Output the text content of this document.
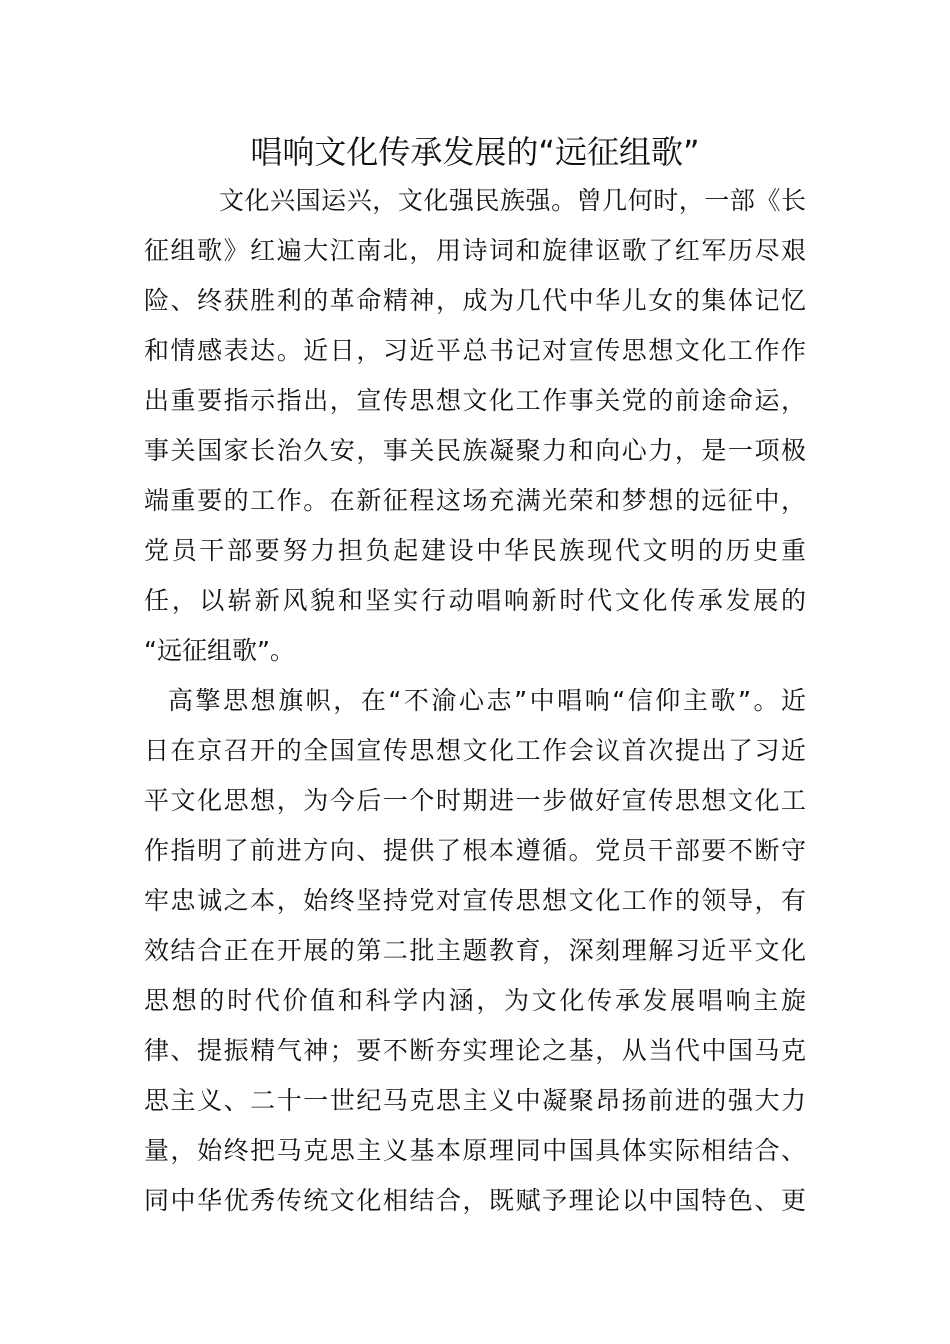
唱响文化传承发展的“远征组歌”
文化兴国运兴，文化强民族强。曾几何时，一部《长
征组歌》红遍大江南北，用诗词和旋律讴歌了红军历尽艰
险、终获胜利的革命精神，成为几代中华儿女的集体记忆
和情感表达。近日，习近平总书记对宣传思想文化工作作
出重要指示指出，宣传思想文化工作事关党的前途命运，
事关国家长治久安，事关民族凝聚力和向心力，是一项极
端重要的工作。在新征程这场充满光荣和梦想的远征中，
党员干部要努力担负起建设中华民族现代文明的历史重
任，以崭新风貌和坚实行动唱响新时代文化传承发展的
“远征组歌”。
高擎思想旗帜，在“不渝心志”中唱响“信仰主歌”。近
日在京召开的全国宣传思想文化工作会议首次提出了习近
平文化思想，为今后一个时期进一步做好宣传思想文化工
作指明了前进方向、提供了根本遵循。党员干部要不断守
牢忠诚之本，始终坚持党对宣传思想文化工作的领导，有
效结合正在开展的第二批主题教育，深刻理解习近平文化
思想的时代价值和科学内涵，为文化传承发展唱响主旋
律、提振精气神；要不断夯实理论之基，从当代中国马克
思主义、二十一世纪马克思主义中凝聚昂扬前进的强大力
量，始终把马克思主义基本原理同中国具体实际相结合、
同中华优秀传统文化相结合，既赋予理论以中国特色、更
